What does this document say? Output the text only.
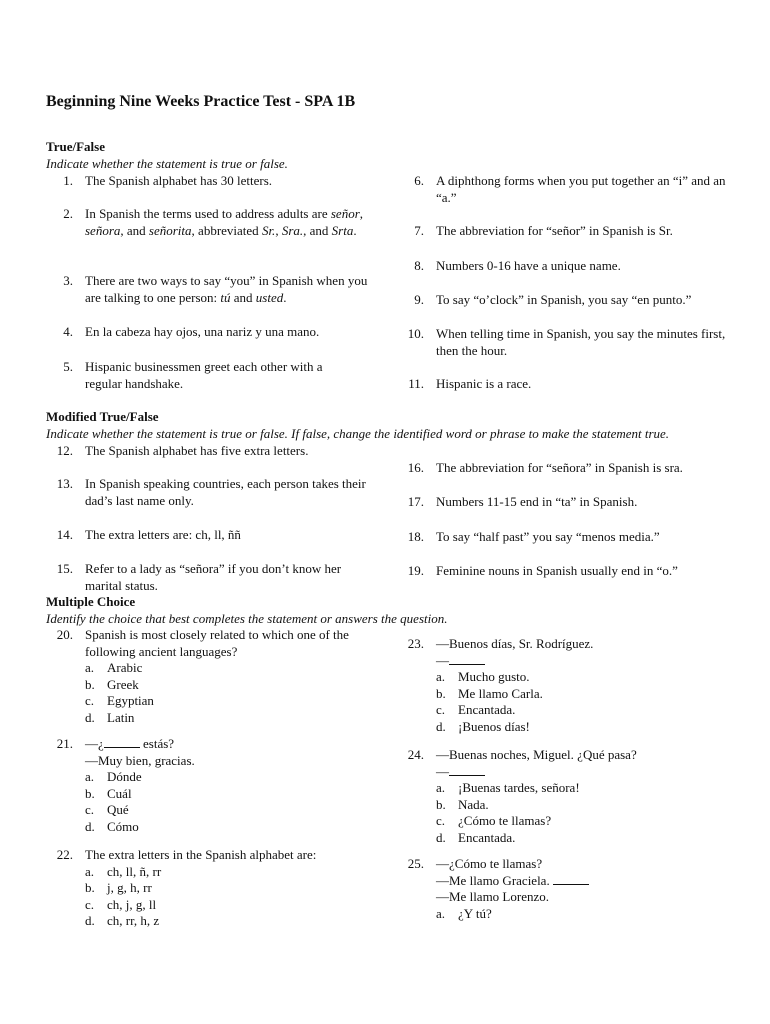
Beginning Nine Weeks Practice Test - SPA 1B
True/False
Indicate whether the statement is true or false.
1. The Spanish alphabet has 30 letters.
2. In Spanish the terms used to address adults are señor, señora, and señorita, abbreviated Sr., Sra., and Srta.
3. There are two ways to say “you” in Spanish when you are talking to one person: tú and usted.
4. En la cabeza hay ojos, una nariz y una mano.
5. Hispanic businessmen greet each other with a regular handshake.
6. A diphthong forms when you put together an “i” and an “a.”
7. The abbreviation for “señor” in Spanish is Sr.
8. Numbers 0-16 have a unique name.
9. To say “o’clock” in Spanish, you say “en punto.”
10. When telling time in Spanish, you say the minutes first, then the hour.
11. Hispanic is a race.
Modified True/False
Indicate whether the statement is true or false. If false, change the identified word or phrase to make the statement true.
12. The Spanish alphabet has five extra letters.
13. In Spanish speaking countries, each person takes their dad’s last name only.
14. The extra letters are: ch, ll, ññ
15. Refer to a lady as “señora” if you don’t know her marital status.
16. The abbreviation for “señora” in Spanish is sra.
17. Numbers 11-15 end in “ta” in Spanish.
18. To say “half past” you say “menos media.”
19. Feminine nouns in Spanish usually end in “o.”
Multiple Choice
Identify the choice that best completes the statement or answers the question.
20. Spanish is most closely related to which one of the following ancient languages?
a. Arabic
b. Greek
c. Egyptian
d. Latin
21. —¿	estás?
—Muy bien, gracias.
a. Dónde
b. Cuál
c. Qué
d. Cómo
22. The extra letters in the Spanish alphabet are:
a. ch, ll, ñ, rr
b. j, g, h, rr
c. ch, j, g, ll
d. ch, rr, h, z
23. —Buenos días, Sr. Rodríguez.
—
a. Mucho gusto.
b. Me llamo Carla.
c. Encantada.
d. ¡Buenos días!
24. —Buenas noches, Miguel. ¿Qué pasa?
—
a. ¡Buenas tardes, señora!
b. Nada.
c. ¿Cómo te llamas?
d. Encantada.
25. —¿Cómo te llamas?
—Me llamo Graciela.
—Me llamo Lorenzo.
a. ¿Y tú?
